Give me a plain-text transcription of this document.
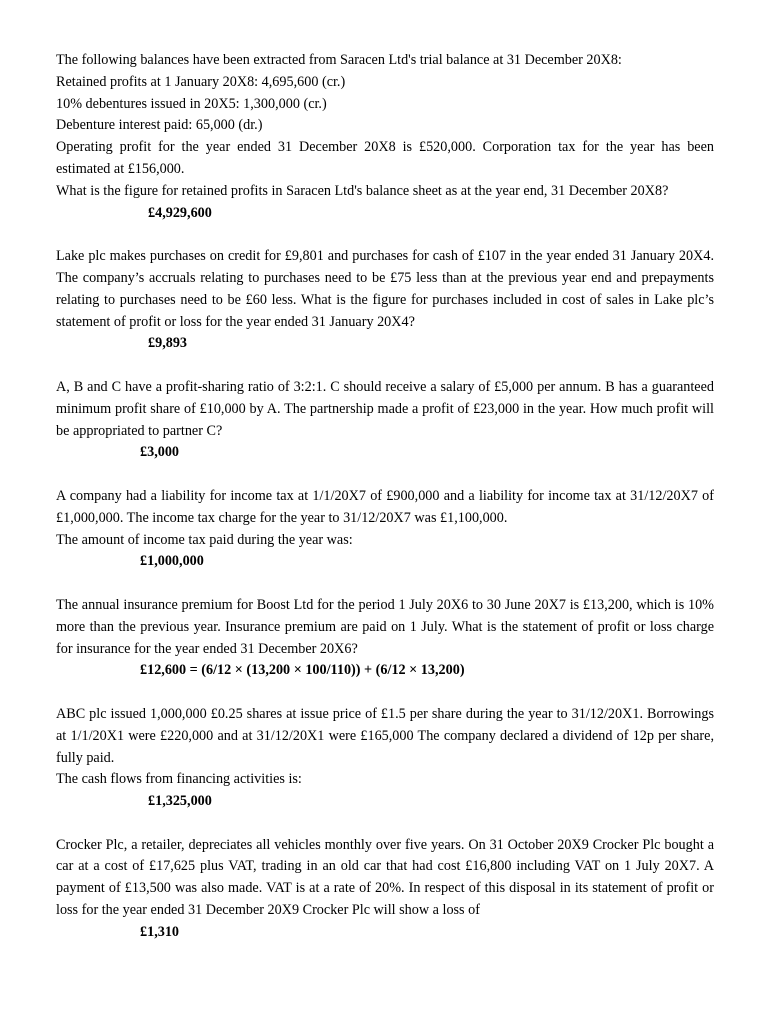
The following balances have been extracted from Saracen Ltd's trial balance at 31 December 20X8:
Retained profits at 1 January 20X8: 4,695,600 (cr.)
10% debentures issued in 20X5: 1,300,000 (cr.)
Debenture interest paid: 65,000 (dr.)

Operating profit for the year ended 31 December 20X8 is £520,000. Corporation tax for the year has been estimated at £156,000.

What is the figure for retained profits in Saracen Ltd's balance sheet as at the year end, 31 December 20X8?

£4,929,600

Lake plc makes purchases on credit for £9,801 and purchases for cash of £107 in the year ended 31 January 20X4. The company’s accruals relating to purchases need to be £75 less than at the previous year end and prepayments relating to purchases need to be £60 less. What is the figure for purchases included in cost of sales in Lake plc’s statement of profit or loss for the year ended 31 January 20X4?

£9,893

A, B and C have a profit-sharing ratio of 3:2:1. C should receive a salary of £5,000 per annum. B has a guaranteed minimum profit share of £10,000 by A. The partnership made a profit of £23,000 in the year. How much profit will be appropriated to partner C?

£3,000

A company had a liability for income tax at 1/1/20X7 of £900,000 and a liability for income tax at 31/12/20X7 of £1,000,000. The income tax charge for the year to 31/12/20X7 was £1,100,000.

The amount of income tax paid during the year was:

£1,000,000

The annual insurance premium for Boost Ltd for the period 1 July 20X6 to 30 June 20X7 is £13,200, which is 10% more than the previous year. Insurance premium are paid on 1 July. What is the statement of profit or loss charge for insurance for the year ended 31 December 20X6?

£12,600 = (6/12 × (13,200 × 100/110)) + (6/12 × 13,200)

ABC plc issued 1,000,000 £0.25 shares at issue price of £1.5 per share during the year to 31/12/20X1. Borrowings at 1/1/20X1 were £220,000 and at 31/12/20X1 were £165,000 The company declared a dividend of 12p per share, fully paid.

The cash flows from financing activities is:

£1,325,000

Crocker Plc, a retailer, depreciates all vehicles monthly over five years. On 31 October 20X9 Crocker Plc bought a car at a cost of £17,625 plus VAT, trading in an old car that had cost £16,800 including VAT on 1 July 20X7. A payment of £13,500 was also made. VAT is at a rate of 20%. In respect of this disposal in its statement of profit or loss for the year ended 31 December 20X9 Crocker Plc will show a loss of

£1,310
